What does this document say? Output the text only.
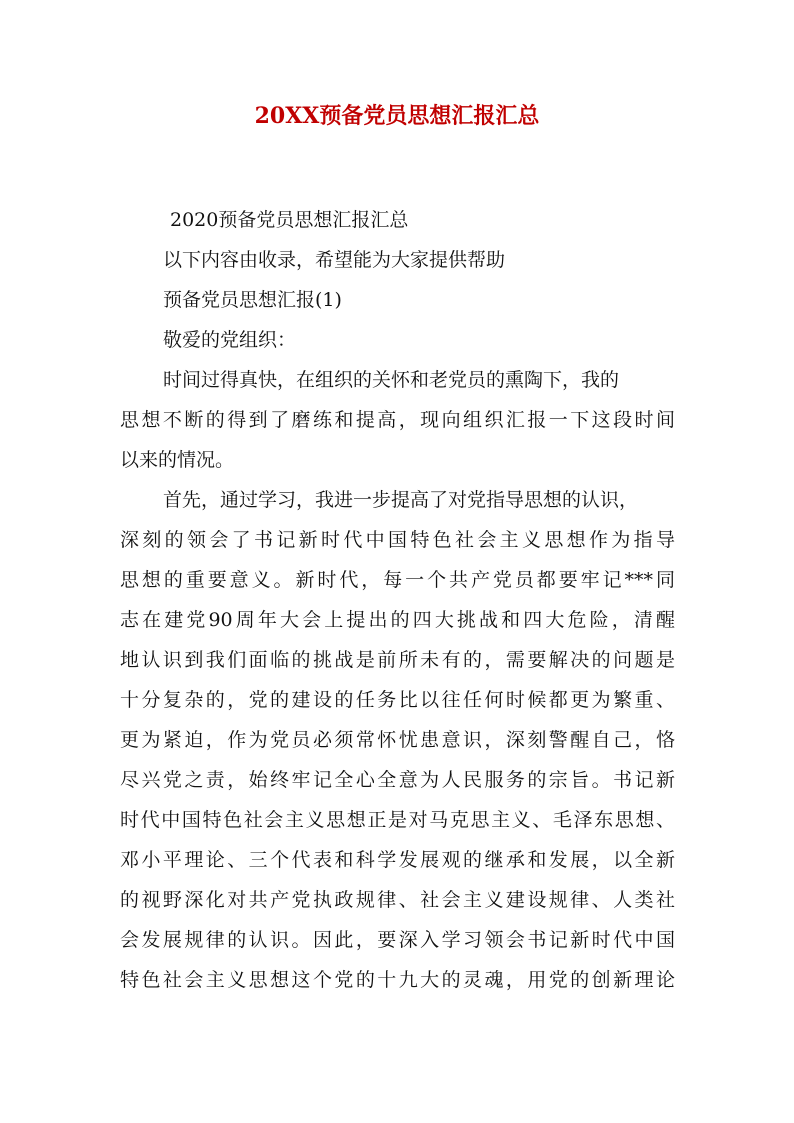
20XX预备党员思想汇报汇总
2020预备党员思想汇报汇总
以下内容由收录，希望能为大家提供帮助
预备党员思想汇报(1)
敬爱的党组织：
时间过得真快，在组织的关怀和老党员的熏陶下，我的
思想不断的得到了磨练和提高，现向组织汇报一下这段时间
以来的情况。
首先，通过学习，我进一步提高了对党指导思想的认识，
深刻的领会了书记新时代中国特色社会主义思想作为指导
思想的重要意义。新时代，每一个共产党员都要牢记***同
志在建党90周年大会上提出的四大挑战和四大危险，清醒
地认识到我们面临的挑战是前所未有的，需要解决的问题是
十分复杂的，党的建设的任务比以往任何时候都更为繁重、
更为紧迫，作为党员必须常怀忧患意识，深刻警醒自己，恪
尽兴党之责，始终牢记全心全意为人民服务的宗旨。书记新
时代中国特色社会主义思想正是对马克思主义、毛泽东思想、
邓小平理论、三个代表和科学发展观的继承和发展，以全新
的视野深化对共产党执政规律、社会主义建设规律、人类社
会发展规律的认识。因此，要深入学习领会书记新时代中国
特色社会主义思想这个党的十九大的灵魂，用党的创新理论
